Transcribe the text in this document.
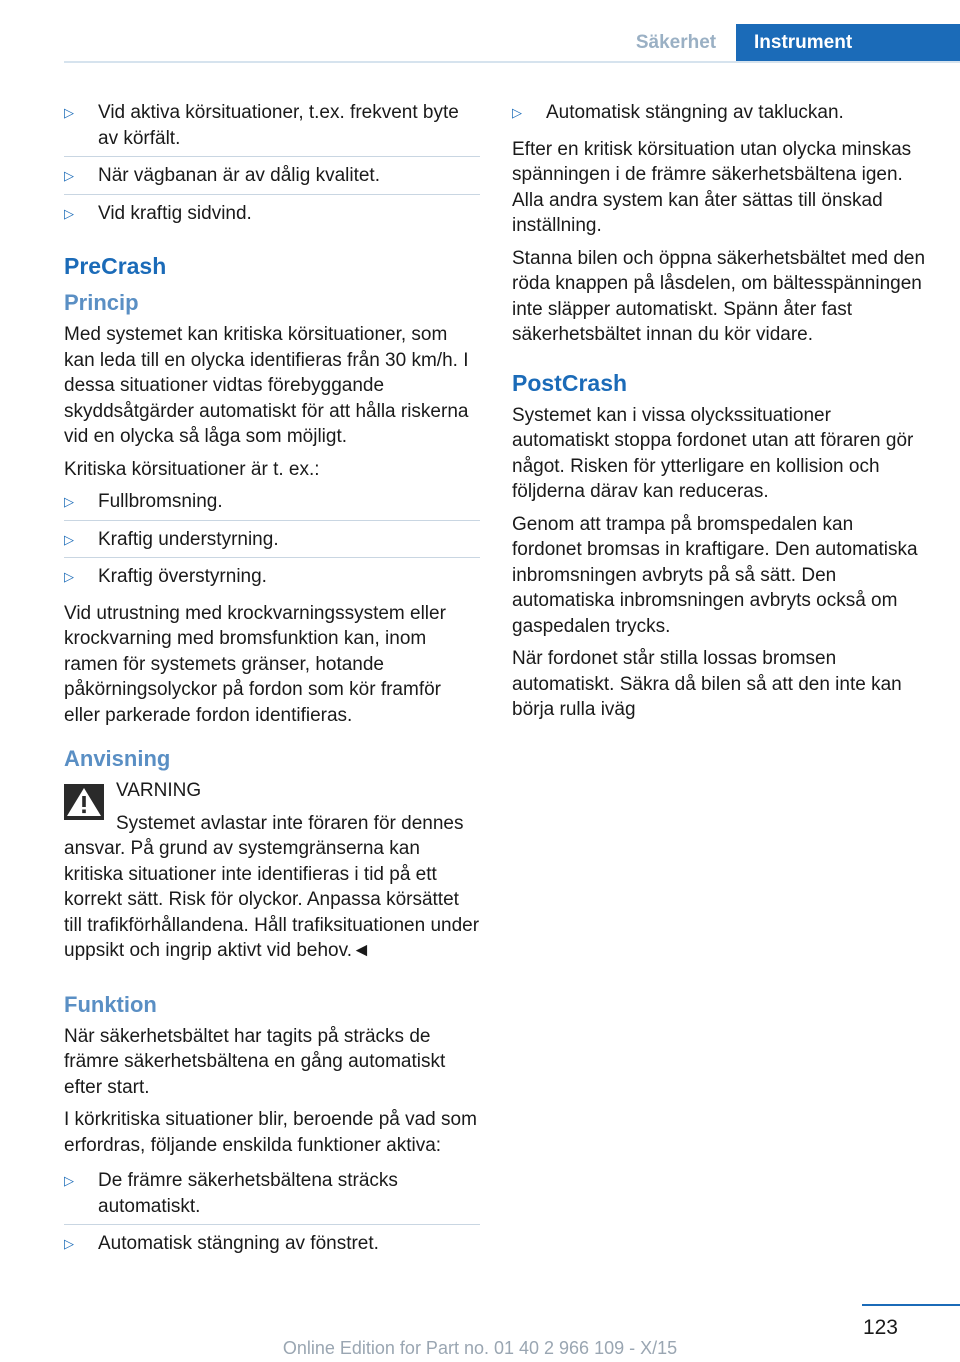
Säkerhet	Instrument
▷ Vid aktiva körsituationer, t.ex. frekvent byte av körfält.
▷ När vägbanan är av dålig kvalitet.
▷ Vid kraftig sidvind.
PreCrash
Princip

Med systemet kan kritiska körsituationer, som kan leda till en olycka identifieras från 30 km/h. I dessa situationer vidtas förebyggande skyddsåtgärder automatiskt för att hålla riskerna vid en olycka så låga som möjligt.

Kritiska körsituationer är t. ex.:

▷ Fullbromsning.
▷ Kraftig understyrning.
▷ Kraftig överstyrning.

Vid utrustning med krockvarningssystem eller krockvarning med bromsfunktion kan, inom ramen för systemets gränser, hotande påkörningsolyckor på fordon som kör framför eller parkerade fordon identifieras.

Anvisning
VARNING
Systemet avlastar inte föraren för dennes ansvar. På grund av systemgränserna kan kritiska situationer inte identifieras i tid på ett korrekt sätt. Risk för olyckor. Anpassa körsättet till trafikförhållandena. Håll trafiksituationen under uppsikt och ingrip aktivt vid behov.◄
Funktion

När säkerhetsbältet har tagits på sträcks de främre säkerhetsbältena en gång automatiskt efter start.

I körkritiska situationer blir, beroende på vad som erfordras, följande enskilda funktioner aktiva:

▷ De främre säkerhetsbältena sträcks automatiskt.
▷ Automatisk stängning av fönstret.
▷ Automatisk stängning av takluckan.

Efter en kritisk körsituation utan olycka minskas spänningen i de främre säkerhetsbältena igen. Alla andra system kan åter sättas till önskad inställning.

Stanna bilen och öppna säkerhetsbältet med den röda knappen på låsdelen, om bältesspänningen inte släpper automatiskt. Spänn åter fast säkerhetsbältet innan du kör vidare.

PostCrash

Systemet kan i vissa olyckssituationer automatiskt stoppa fordonet utan att föraren gör något. Risken för ytterligare en kollision och följderna därav kan reduceras.

Genom att trampa på bromspedalen kan fordonet bromsas in kraftigare. Den automatiska inbromsningen avbryts på så sätt. Den automatiska inbromsningen avbryts också om gaspedalen trycks.

När fordonet står stilla lossas bromsen automatiskt. Säkra då bilen så att den inte kan börja rulla iväg

123
Online Edition for Part no. 01 40 2 966 109 - X/15
